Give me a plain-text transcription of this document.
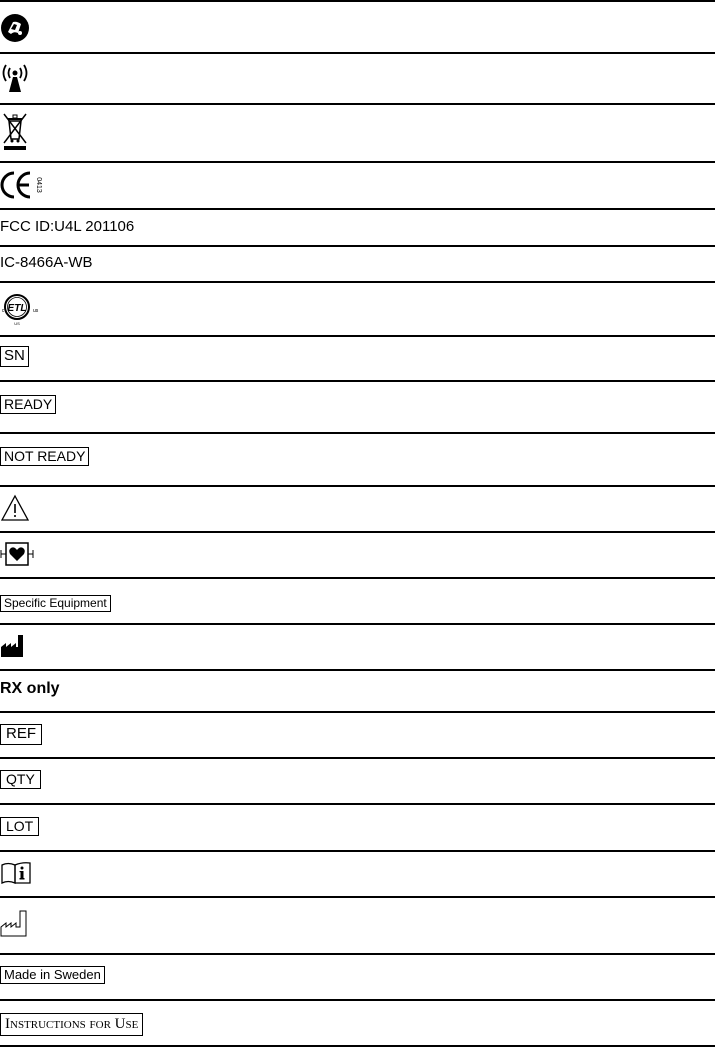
0413
FCC ID:U4L 201106
IC-8466A-WB
ETL
c	us
US
SN
READY
NOT READY
Specific Equipment
RX only
REF
QTY
LOT
Made in Sweden
Instructions for Use
